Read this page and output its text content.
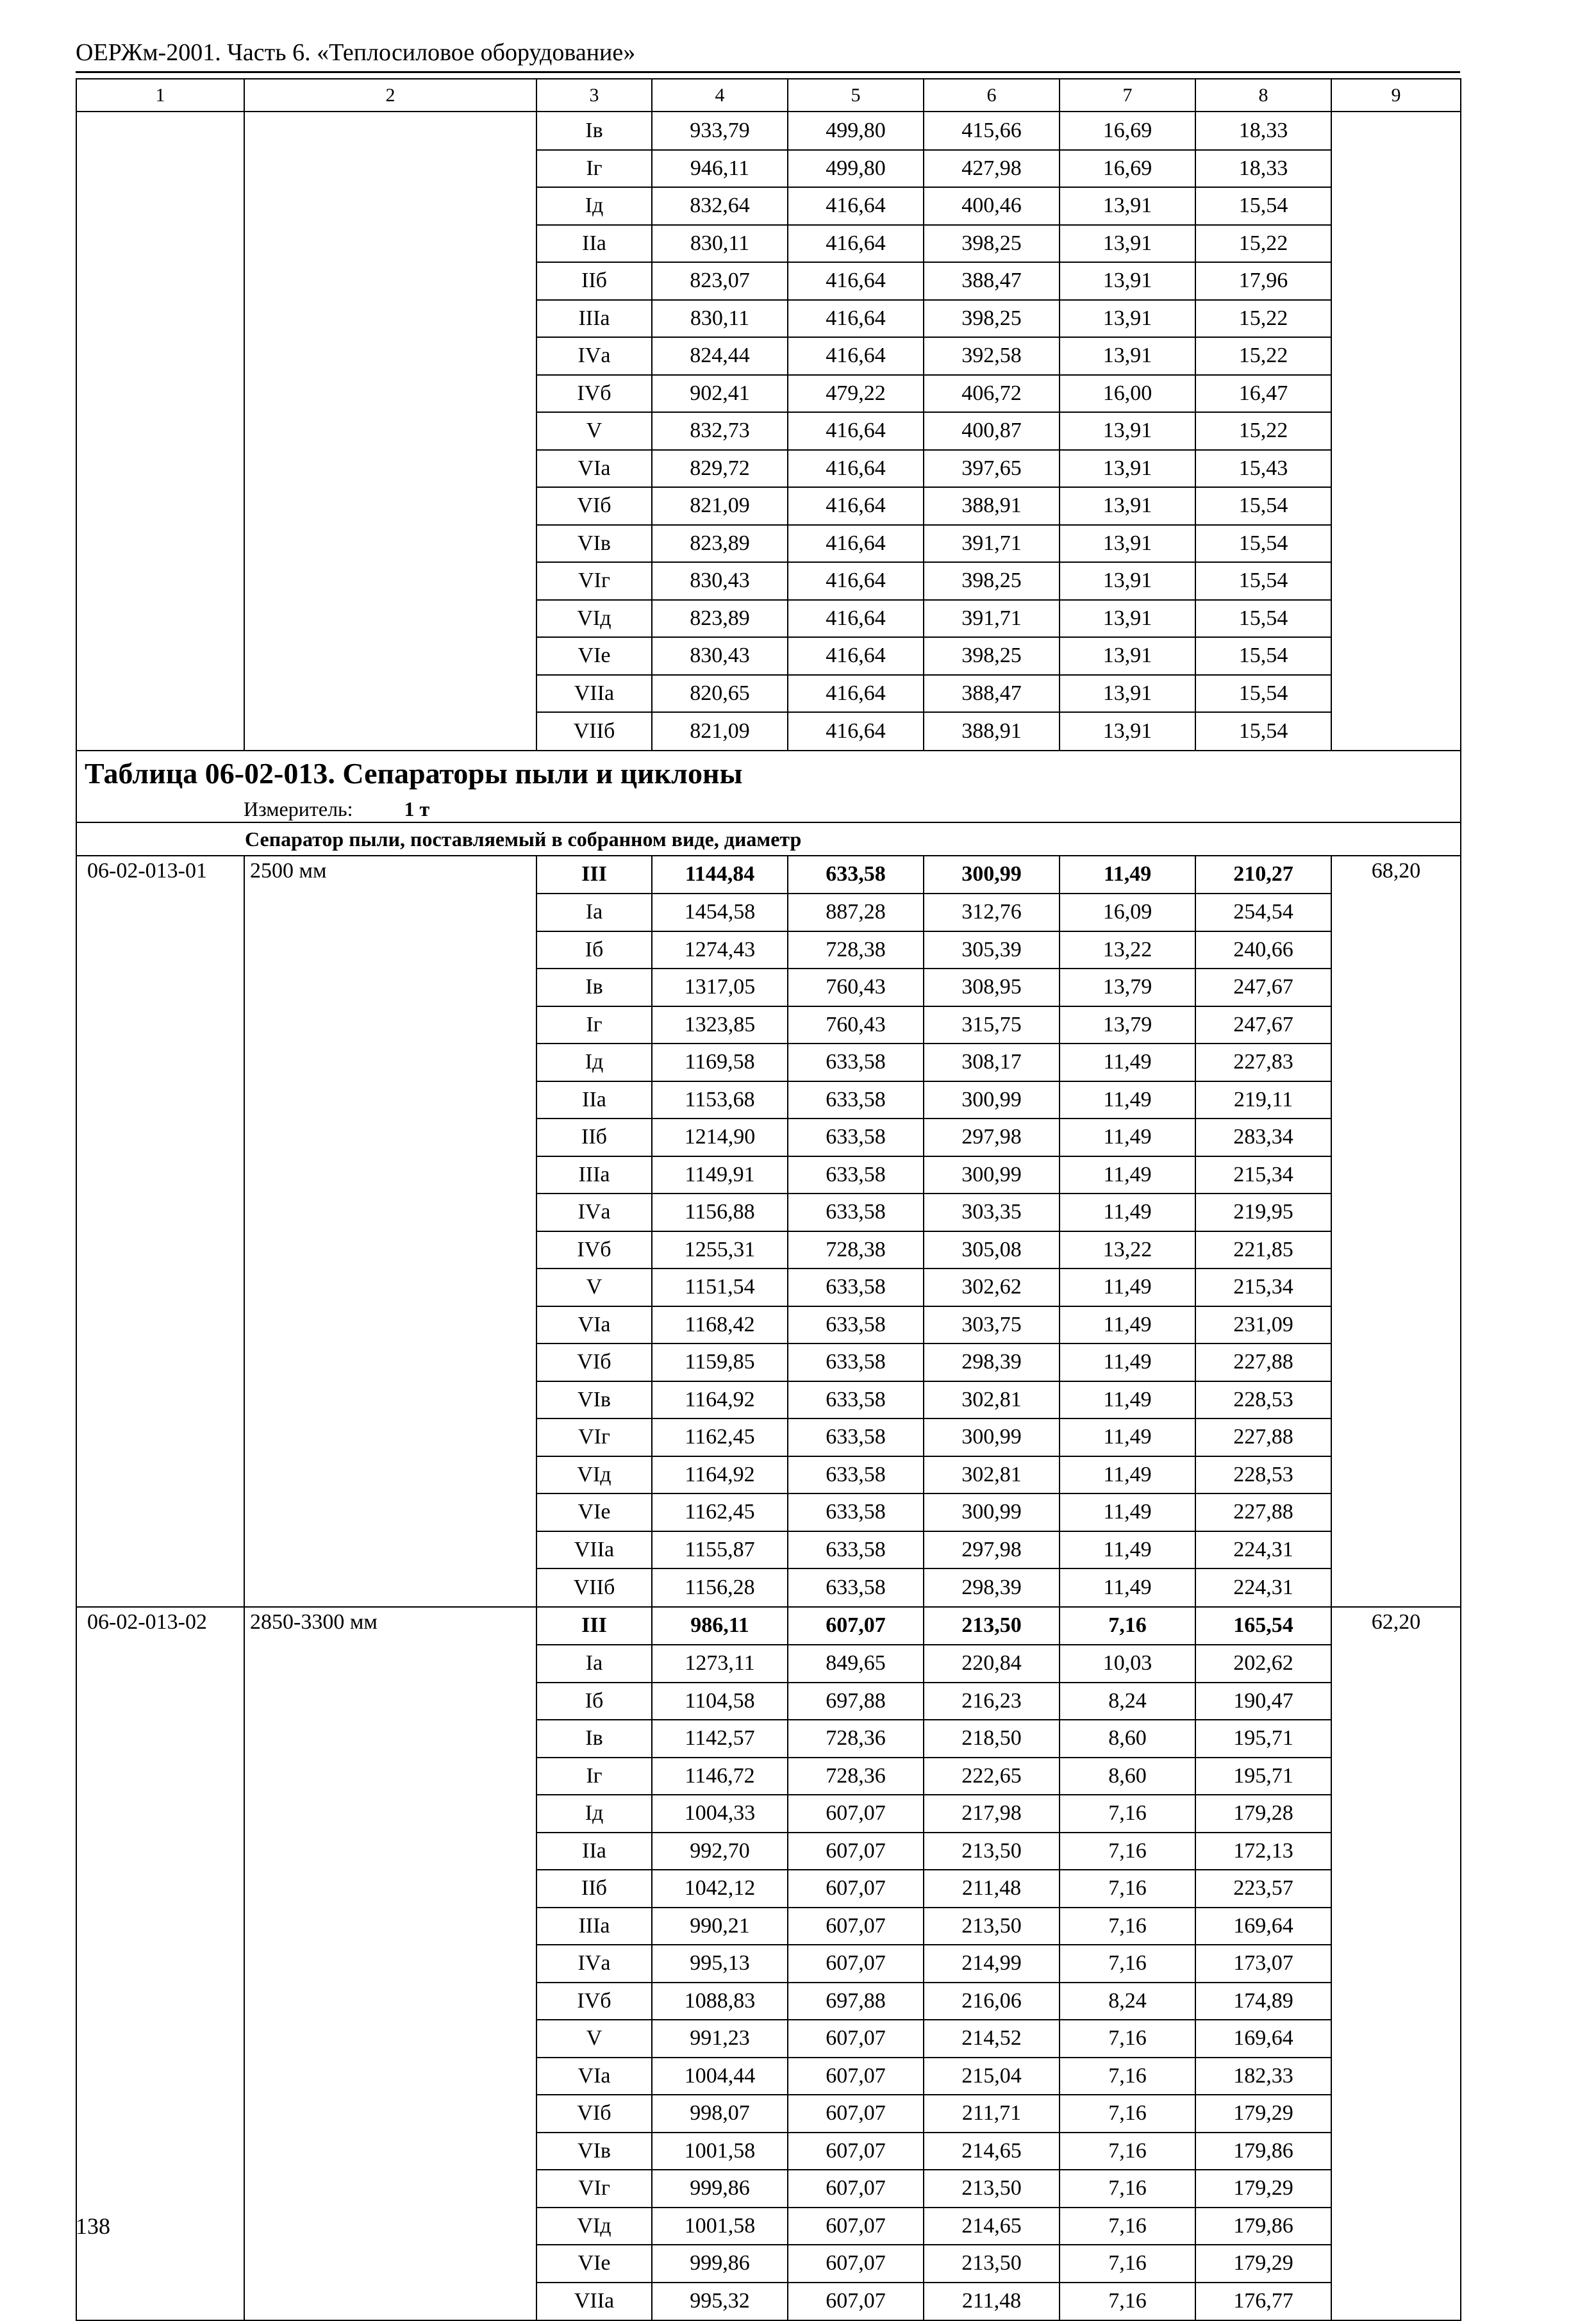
ОЕРЖм-2001. Часть 6. «Теплосиловое оборудование»
1	2	3	4	5	6	7	8	9
		Iв	933,79	499,80	415,66	16,69	18,33	
		Iг	946,11	499,80	427,98	16,69	18,33	
		Iд	832,64	416,64	400,46	13,91	15,54	
		IIа	830,11	416,64	398,25	13,91	15,22	
		IIб	823,07	416,64	388,47	13,91	17,96	
		IIIа	830,11	416,64	398,25	13,91	15,22	
		IVа	824,44	416,64	392,58	13,91	15,22	
		IVб	902,41	479,22	406,72	16,00	16,47	
		V	832,73	416,64	400,87	13,91	15,22	
		VIа	829,72	416,64	397,65	13,91	15,43	
		VIб	821,09	416,64	388,91	13,91	15,54	
		VIв	823,89	416,64	391,71	13,91	15,54	
		VIг	830,43	416,64	398,25	13,91	15,54	
		VIд	823,89	416,64	391,71	13,91	15,54	
		VIе	830,43	416,64	398,25	13,91	15,54	
		VIIа	820,65	416,64	388,47	13,91	15,54	
		VIIб	821,09	416,64	388,91	13,91	15,54	
Таблица 06-02-013. Сепараторы пыли и циклоны								
Измеритель: 1 т								
Сепаратор пыли, поставляемый в собранном виде, диаметр								
06-02-013-01	2500 мм	III	1144,84	633,58	300,99	11,49	210,27	68,20
		Iа	1454,58	887,28	312,76	16,09	254,54	
		Iб	1274,43	728,38	305,39	13,22	240,66	
		Iв	1317,05	760,43	308,95	13,79	247,67	
		Iг	1323,85	760,43	315,75	13,79	247,67	
		Iд	1169,58	633,58	308,17	11,49	227,83	
		IIа	1153,68	633,58	300,99	11,49	219,11	
		IIб	1214,90	633,58	297,98	11,49	283,34	
		IIIа	1149,91	633,58	300,99	11,49	215,34	
		IVа	1156,88	633,58	303,35	11,49	219,95	
		IVб	1255,31	728,38	305,08	13,22	221,85	
		V	1151,54	633,58	302,62	11,49	215,34	
		VIа	1168,42	633,58	303,75	11,49	231,09	
		VIб	1159,85	633,58	298,39	11,49	227,88	
		VIв	1164,92	633,58	302,81	11,49	228,53	
		VIг	1162,45	633,58	300,99	11,49	227,88	
		VIд	1164,92	633,58	302,81	11,49	228,53	
		VIе	1162,45	633,58	300,99	11,49	227,88	
		VIIа	1155,87	633,58	297,98	11,49	224,31	
		VIIб	1156,28	633,58	298,39	11,49	224,31	
06-02-013-02	2850-3300 мм	III	986,11	607,07	213,50	7,16	165,54	62,20
		Iа	1273,11	849,65	220,84	10,03	202,62	
		Iб	1104,58	697,88	216,23	8,24	190,47	
		Iв	1142,57	728,36	218,50	8,60	195,71	
		Iг	1146,72	728,36	222,65	8,60	195,71	
		Iд	1004,33	607,07	217,98	7,16	179,28	
		IIа	992,70	607,07	213,50	7,16	172,13	
		IIб	1042,12	607,07	211,48	7,16	223,57	
		IIIа	990,21	607,07	213,50	7,16	169,64	
		IVа	995,13	607,07	214,99	7,16	173,07	
		IVб	1088,83	697,88	216,06	8,24	174,89	
		V	991,23	607,07	214,52	7,16	169,64	
		VIа	1004,44	607,07	215,04	7,16	182,33	
		VIб	998,07	607,07	211,71	7,16	179,29	
		VIв	1001,58	607,07	214,65	7,16	179,86	
		VIг	999,86	607,07	213,50	7,16	179,29	
		VIд	1001,58	607,07	214,65	7,16	179,86	
		VIе	999,86	607,07	213,50	7,16	179,29	
		VIIа	995,32	607,07	211,48	7,16	176,77	
138
